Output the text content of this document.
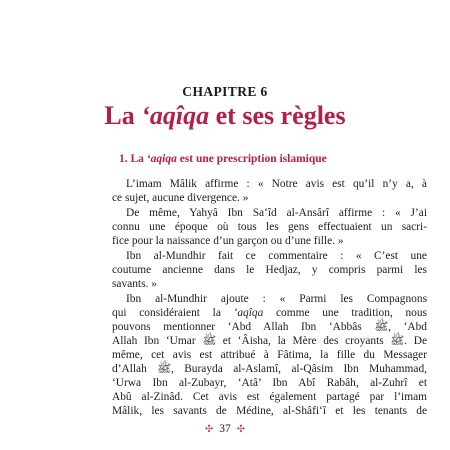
CHAPITRE 6
La ‘aqîqa et ses règles
1. La ‘aqiqa est une prescription islamique
L’imam Mâlik affirme : « Notre avis est qu’il n’y a, à
ce sujet, aucune divergence. »
De même, Yahyâ Ibn Sa‘îd al-Ansârî affirme : « J’ai
connu une époque où tous les gens effectuaient un sacri-
fice pour la naissance d’un garçon ou d’une fille. »
Ibn al-Mundhir fait ce commentaire : « C’est une
coutume ancienne dans le Hedjaz, y compris parmi les
savants. »
Ibn al-Mundhir ajoute : « Parmi les Compagnons
qui considéraient la ‘aqîqa comme une tradition, nous
pouvons mentionner ‘Abd Allah Ibn ‘Abbâs ﷺ, ‘Abd
Allah Ibn ‘Umar ﷺ et ‘Âisha, la Mère des croyants ﷺ. De
même, cet avis est attribué à Fâtima, la fille du Messager
d’Allah ﷺ, Burayda al-Aslamî, al-Qâsim Ibn Muhammad,
‘Urwa Ibn al-Zubayr, ‘Atâ’ Ibn Abî Rabâh, al-Zuhrî et
Abû al-Zinâd. Cet avis est également partagé par l’imam
Mâlik, les savants de Médine, al-Shâfi‘î et les tenants de
✣ 37 ✣
